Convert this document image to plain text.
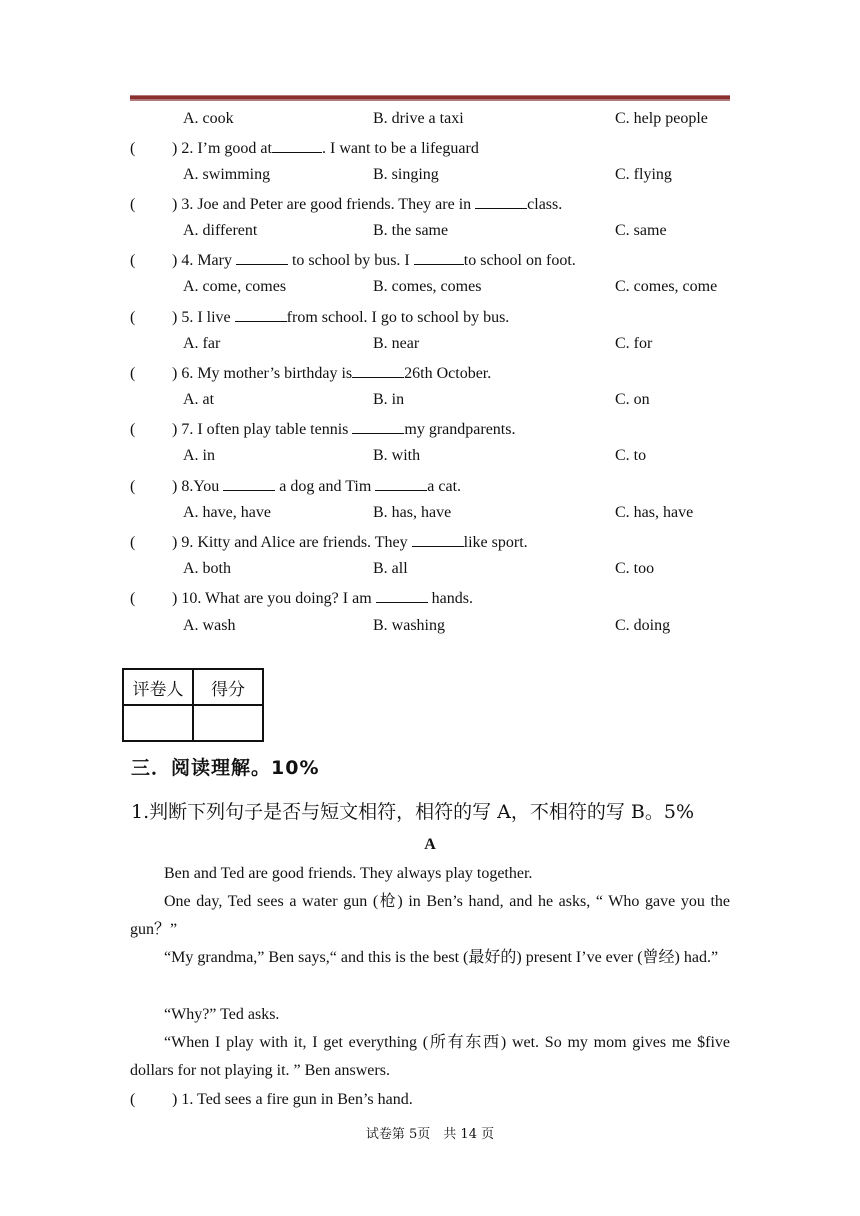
A. cook	B. drive a taxi	C. help people
( ) 2. I’m good at	. I want to be a lifeguard
A. swimming	B. singing	C. flying
( ) 3. Joe and Peter are good friends. They are in	class.
A. different	B. the same	C. same
( ) 4. Mary	to school by bus. I	to school on foot.
A. come, comes	B. comes, comes	C. comes, come
( ) 5. I live	from school. I go to school by bus.
A. far	B. near	C. for
( ) 6. My mother’s birthday is	26th October.
A. at	B. in	C. on
( ) 7. I often play table tennis	my grandparents.
A. in	B. with	C. to
( ) 8.You	a dog and Tim	a cat.
A. have, have	B. has, have	C. has, have
( ) 9. Kitty and Alice are friends. They	like sport.
A. both	B. all	C. too
( ) 10. What are you doing? I am	hands.
A. wash	B. washing	C. doing
评卷人	得分

三．阅读理解。10%
1.判断下列句子是否与短文相符，相符的写 A，不相符的写 B。5%
A
Ben and Ted are good friends. They always play together.
One day, Ted sees a water gun (枪) in Ben’s hand, and he asks, “ Who gave you the gun？”
“My grandma,” Ben says,“ and this is the best (最好的) present I’ve ever (曾经) had.”
“Why?” Ted asks.
“When I play with it, I get everything (所有东西) wet. So my mom gives me $five dollars for not playing it. ” Ben answers.
( ) 1. Ted sees a fire gun in Ben’s hand.
试卷第 5页　共 14 页
